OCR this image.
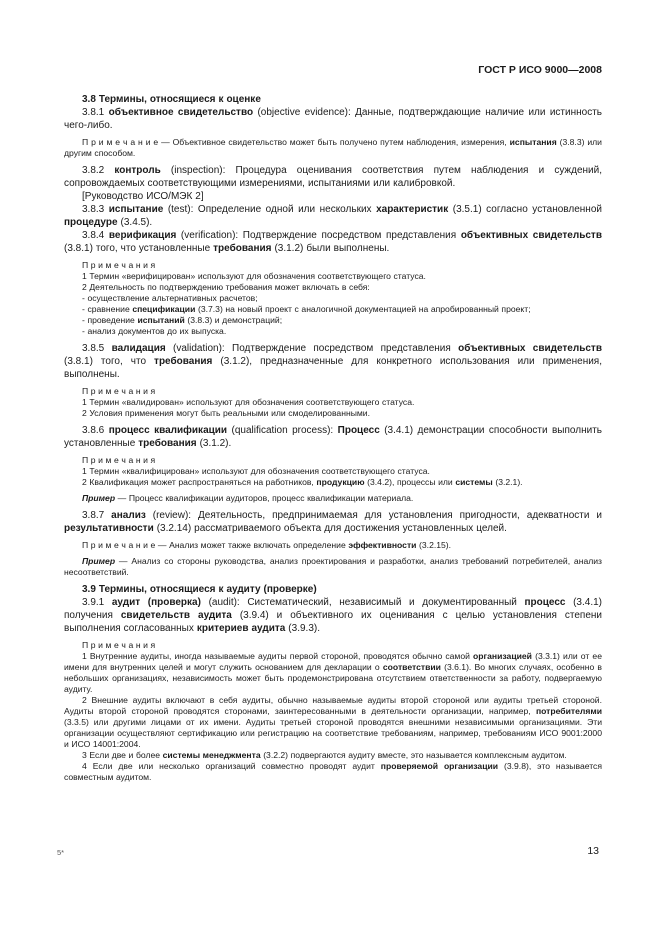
ГОСТ Р ИСО 9000—2008

3.8 Термины, относящиеся к оценке

3.8.1 объективное свидетельство (objective evidence): Данные, подтверждающие наличие или истинность чего-либо.

П р и м е ч а н и е — Объективное свидетельство может быть получено путем наблюдения, измерения, испытания (3.8.3) или другим способом.

3.8.2 контроль (inspection): Процедура оценивания соответствия путем наблюдения и суждений, сопровождаемых соответствующими измерениями, испытаниями или калибровкой.

[Руководство ИСО/МЭК 2]

3.8.3 испытание (test): Определение одной или нескольких характеристик (3.5.1) согласно установленной процедуре (3.4.5).

3.8.4 верификация (verification): Подтверждение посредством представления объективных свидетельств (3.8.1) того, что установленные требования (3.1.2) были выполнены.

П р и м е ч а н и я

1 Термин «верифицирован» используют для обозначения соответствующего статуса.

2 Деятельность по подтверждению требования может включать в себя:

- осуществление альтернативных расчетов;

- сравнение спецификации (3.7.3) на новый проект с аналогичной документацией на апробированный проект;

- проведение испытаний (3.8.3) и демонстраций;

- анализ документов до их выпуска.

3.8.5 валидация (validation): Подтверждение посредством представления объективных свидетельств (3.8.1) того, что требования (3.1.2), предназначенные для конкретного использования или применения, выполнены.

П р и м е ч а н и я

1 Термин «валидирован» используют для обозначения соответствующего статуса.

2 Условия применения могут быть реальными или смоделированными.

3.8.6 процесс квалификации (qualification process): Процесс (3.4.1) демонстрации способности выполнить установленные требования (3.1.2).

П р и м е ч а н и я

1 Термин «квалифицирован» используют для обозначения соответствующего статуса.

2 Квалификация может распространяться на работников, продукцию (3.4.2), процессы или системы (3.2.1).

Пример — Процесс квалификации аудиторов, процесс квалификации материала.

3.8.7 анализ (review): Деятельность, предпринимаемая для установления пригодности, адекватности и результативности (3.2.14) рассматриваемого объекта для достижения установленных целей.

П р и м е ч а н и е — Анализ может также включать определение эффективности (3.2.15).

Пример — Анализ со стороны руководства, анализ проектирования и разработки, анализ требований потребителей, анализ несоответствий.

3.9 Термины, относящиеся к аудиту (проверке)

3.9.1 аудит (проверка) (audit): Систематический, независимый и документированный процесс (3.4.1) получения свидетельств аудита (3.9.4) и объективного их оценивания с целью установления степени выполнения согласованных критериев аудита (3.9.3).

П р и м е ч а н и я

1 Внутренние аудиты, иногда называемые аудиты первой стороной, проводятся обычно самой организацией (3.3.1) или от ее имени для внутренних целей и могут служить основанием для декларации о соответствии (3.6.1). Во многих случаях, особенно в небольших организациях, независимость может быть продемонстрирована отсутствием ответственности за работу, подвергаемую аудиту.

2 Внешние аудиты включают в себя аудиты, обычно называемые аудиты второй стороной или аудиты третьей стороной. Аудиты второй стороной проводятся сторонами, заинтересованными в деятельности организации, например, потребителями (3.3.5) или другими лицами от их имени. Аудиты третьей стороной проводятся внешними независимыми организациями. Эти организации осуществляют сертификацию или регистрацию на соответствие требованиям, например, требованиям ИСО 9001:2000 и ИСО 14001:2004.

3 Если две и более системы менеджмента (3.2.2) подвергаются аудиту вместе, это называется комплексным аудитом.

4 Если две или несколько организаций совместно проводят аудит проверяемой организации (3.9.8), это называется совместным аудитом.

5*	13
